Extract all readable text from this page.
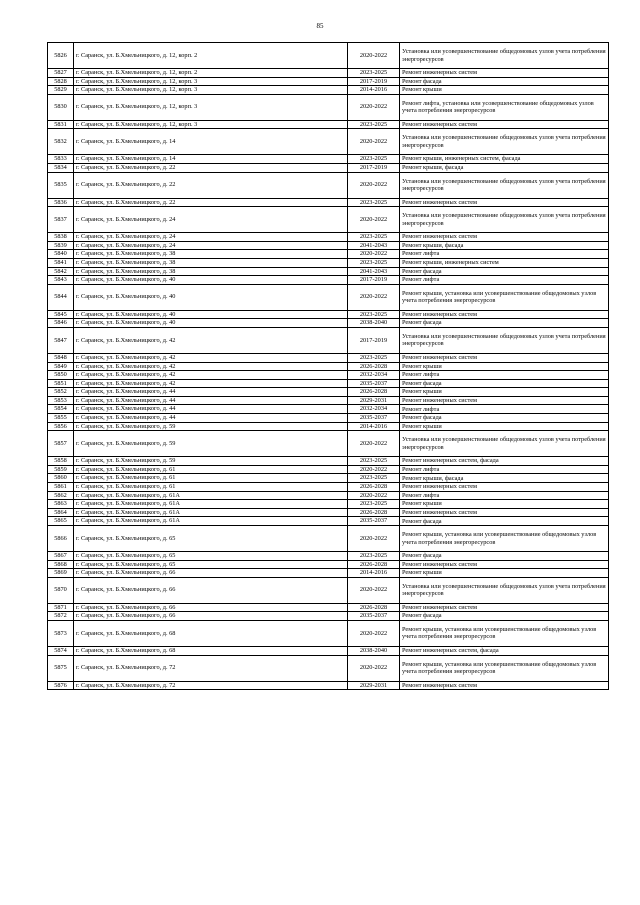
85
5826	г. Саранск, ул. Б.Хмельницкого, д. 12, корп. 2	2020-2022	Установка или усовершенствование общедомовых узлов учета потребления энергоресурсов
5827	г. Саранск, ул. Б.Хмельницкого, д. 12, корп. 2	2023-2025	Ремонт инженерных систем
5828	г. Саранск, ул. Б.Хмельницкого, д. 12, корп. 3	2017-2019	Ремонт фасада
5829	г. Саранск, ул. Б.Хмельницкого, д. 12, корп. 3	2014-2016	Ремонт крыши
5830	г. Саранск, ул. Б.Хмельницкого, д. 12, корп. 3	2020-2022	Ремонт лифта, установка или усовершенствование общедомовых узлов учета потребления энергоресурсов
5831	г. Саранск, ул. Б.Хмельницкого, д. 12, корп. 3	2023-2025	Ремонт инженерных систем
5832	г. Саранск, ул. Б.Хмельницкого, д. 14	2020-2022	Установка или усовершенствование общедомовых узлов учета потребления энергоресурсов
5833	г. Саранск, ул. Б.Хмельницкого, д. 14	2023-2025	Ремонт крыши, инженерных систем, фасада
5834	г. Саранск, ул. Б.Хмельницкого, д. 22	2017-2019	Ремонт крыши, фасада
5835	г. Саранск, ул. Б.Хмельницкого, д. 22	2020-2022	Установка или усовершенствование общедомовых узлов учета потребления энергоресурсов
5836	г. Саранск, ул. Б.Хмельницкого, д. 22	2023-2025	Ремонт инженерных систем
5837	г. Саранск, ул. Б.Хмельницкого, д. 24	2020-2022	Установка или усовершенствование общедомовых узлов учета потребления энергоресурсов
5838	г. Саранск, ул. Б.Хмельницкого, д. 24	2023-2025	Ремонт инженерных систем
5839	г. Саранск, ул. Б.Хмельницкого, д. 24	2041-2043	Ремонт крыши, фасада
5840	г. Саранск, ул. Б.Хмельницкого, д. 38	2020-2022	Ремонт лифта
5841	г. Саранск, ул. Б.Хмельницкого, д. 38	2023-2025	Ремонт крыши, инженерных систем
5842	г. Саранск, ул. Б.Хмельницкого, д. 38	2041-2043	Ремонт фасада
5843	г. Саранск, ул. Б.Хмельницкого, д. 40	2017-2019	Ремонт лифта
5844	г. Саранск, ул. Б.Хмельницкого, д. 40	2020-2022	Ремонт крыши, установка или усовершенствование общедомовых узлов учета потребления энергоресурсов
5845	г. Саранск, ул. Б.Хмельницкого, д. 40	2023-2025	Ремонт инженерных систем
5846	г. Саранск, ул. Б.Хмельницкого, д. 40	2038-2040	Ремонт фасада
5847	г. Саранск, ул. Б.Хмельницкого, д. 42	2017-2019	Установка или усовершенствование общедомовых узлов учета потребления энергоресурсов
5848	г. Саранск, ул. Б.Хмельницкого, д. 42	2023-2025	Ремонт инженерных систем
5849	г. Саранск, ул. Б.Хмельницкого, д. 42	2026-2028	Ремонт крыши
5850	г. Саранск, ул. Б.Хмельницкого, д. 42	2032-2034	Ремонт лифта
5851	г. Саранск, ул. Б.Хмельницкого, д. 42	2035-2037	Ремонт фасада
5852	г. Саранск, ул. Б.Хмельницкого, д. 44	2026-2028	Ремонт крыши
5853	г. Саранск, ул. Б.Хмельницкого, д. 44	2029-2031	Ремонт инженерных систем
5854	г. Саранск, ул. Б.Хмельницкого, д. 44	2032-2034	Ремонт лифта
5855	г. Саранск, ул. Б.Хмельницкого, д. 44	2035-2037	Ремонт фасада
5856	г. Саранск, ул. Б.Хмельницкого, д. 59	2014-2016	Ремонт крыши
5857	г. Саранск, ул. Б.Хмельницкого, д. 59	2020-2022	Установка или усовершенствование общедомовых узлов учета потребления энергоресурсов
5858	г. Саранск, ул. Б.Хмельницкого, д. 59	2023-2025	Ремонт инженерных систем, фасада
5859	г. Саранск, ул. Б.Хмельницкого, д. 61	2020-2022	Ремонт лифта
5860	г. Саранск, ул. Б.Хмельницкого, д. 61	2023-2025	Ремонт крыши, фасада
5861	г. Саранск, ул. Б.Хмельницкого, д. 61	2026-2028	Ремонт инженерных систем
5862	г. Саранск, ул. Б.Хмельницкого, д. 61А	2020-2022	Ремонт лифта
5863	г. Саранск, ул. Б.Хмельницкого, д. 61А	2023-2025	Ремонт крыши
5864	г. Саранск, ул. Б.Хмельницкого, д. 61А	2026-2028	Ремонт инженерных систем
5865	г. Саранск, ул. Б.Хмельницкого, д. 61А	2035-2037	Ремонт фасада
5866	г. Саранск, ул. Б.Хмельницкого, д. 65	2020-2022	Ремонт крыши, установка или усовершенствование общедомовых узлов учета потребления энергоресурсов
5867	г. Саранск, ул. Б.Хмельницкого, д. 65	2023-2025	Ремонт фасада
5868	г. Саранск, ул. Б.Хмельницкого, д. 65	2026-2028	Ремонт инженерных систем
5869	г. Саранск, ул. Б.Хмельницкого, д. 66	2014-2016	Ремонт крыши
5870	г. Саранск, ул. Б.Хмельницкого, д. 66	2020-2022	Установка или усовершенствование общедомовых узлов учета потребления энергоресурсов
5871	г. Саранск, ул. Б.Хмельницкого, д. 66	2026-2028	Ремонт инженерных систем
5872	г. Саранск, ул. Б.Хмельницкого, д. 66	2035-2037	Ремонт фасада
5873	г. Саранск, ул. Б.Хмельницкого, д. 68	2020-2022	Ремонт крыши, установка или усовершенствование общедомовых узлов учета потребления энергоресурсов
5874	г. Саранск, ул. Б.Хмельницкого, д. 68	2038-2040	Ремонт инженерных систем, фасада
5875	г. Саранск, ул. Б.Хмельницкого, д. 72	2020-2022	Ремонт крыши, установка или усовершенствование общедомовых узлов учета потребления энергоресурсов
5876	г. Саранск, ул. Б.Хмельницкого, д. 72	2029-2031	Ремонт инженерных систем
